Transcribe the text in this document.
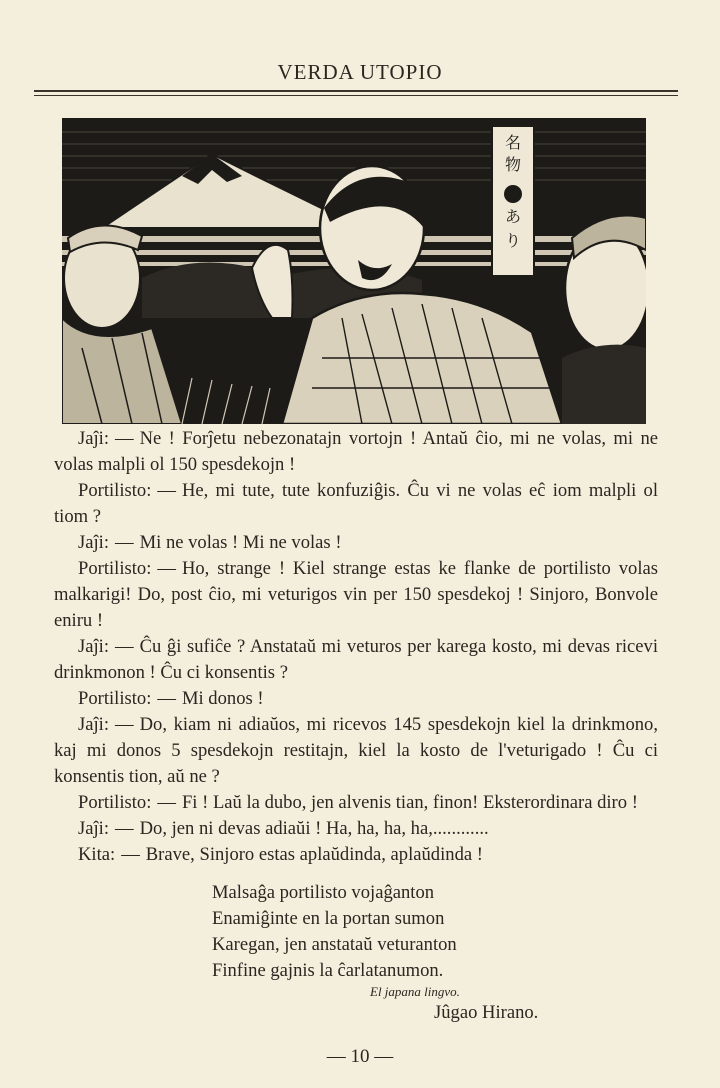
VERDA UTOPIO
名
物
あ
り

Jaĵi: — Ne ! Forĵetu nebezonatajn vortojn ! Antaŭ ĉio, mi ne volas, mi ne volas malpli ol 150 spesdekojn !

Portilisto: — He, mi tute, tute konfuziĝis. Ĉu vi ne volas eĉ iom malpli ol tiom ?

Jaĵi: — Mi ne volas ! Mi ne volas !

Portilisto: — Ho, strange ! Kiel strange estas ke flanke de portilisto volas malkarigi! Do, post ĉio, mi veturigos vin per 150 spesdekoj ! Sinjoro, Bonvole eniru !

Jaĵi: — Ĉu ĝi sufiĉe ? Anstataŭ mi veturos per karega kosto, mi devas ricevi drinkmonon ! Ĉu ci konsentis ?

Portilisto: — Mi donos !

Jaĵi: — Do, kiam ni adiaŭos, mi ricevos 145 spesdekojn kiel la drinkmono, kaj mi donos 5 spesdekojn restitajn, kiel la kosto de l'veturigado ! Ĉu ci konsentis tion, aŭ ne ?

Portilisto: — Fi ! Laŭ la dubo, jen alvenis tian, finon! Eksterordinara diro !

Jaĵi: — Do, jen ni devas adiaŭi ! Ha, ha, ha, ha,............

Kita: — Brave, Sinjoro estas aplaŭdinda, aplaŭdinda !

Malsaĝa portilisto vojaĝanton
Enamiĝinte en la portan sumon
Karegan, jen anstataŭ veturanton
Finfine gajnis la ĉarlatanumon.
El japana lingvo.
Jûgao Hirano.
— 10 —
